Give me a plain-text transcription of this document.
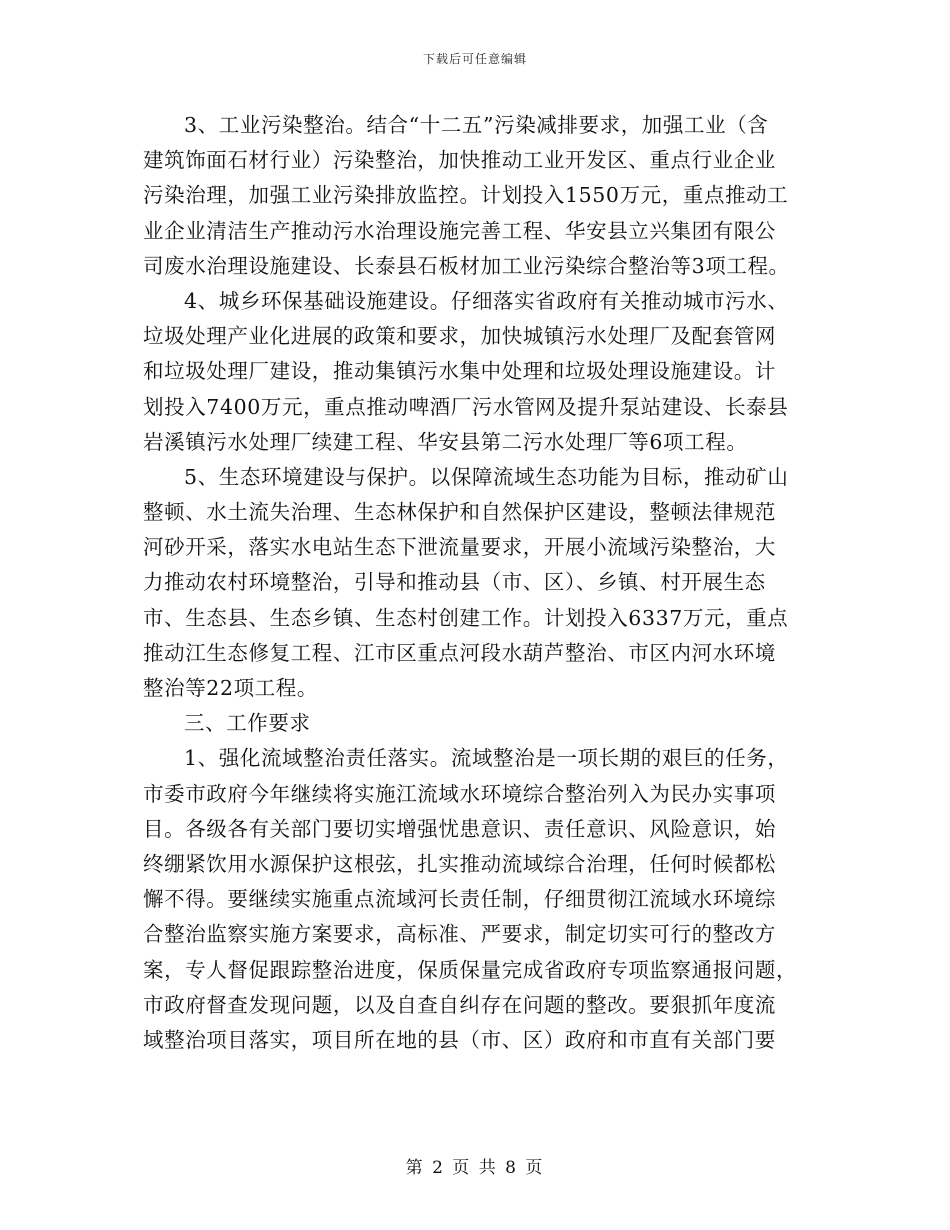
下载后可任意编辑
3、工业污染整治。结合“十二五”污染减排要求，加强工业（含
建筑饰面石材行业）污染整治，加快推动工业开发区、重点行业企业
污染治理，加强工业污染排放监控。计划投入1550万元，重点推动工
业企业清洁生产推动污水治理设施完善工程、华安县立兴集团有限公
司废水治理设施建设、长泰县石板材加工业污染综合整治等3项工程。
4、城乡环保基础设施建设。仔细落实省政府有关推动城市污水、
垃圾处理产业化进展的政策和要求，加快城镇污水处理厂及配套管网
和垃圾处理厂建设，推动集镇污水集中处理和垃圾处理设施建设。计
划投入7400万元，重点推动啤酒厂污水管网及提升泵站建设、长泰县
岩溪镇污水处理厂续建工程、华安县第二污水处理厂等6项工程。
5、生态环境建设与保护。以保障流域生态功能为目标，推动矿山
整顿、水土流失治理、生态林保护和自然保护区建设，整顿法律规范
河砂开采，落实水电站生态下泄流量要求，开展小流域污染整治，大
力推动农村环境整治，引导和推动县（市、区）、乡镇、村开展生态
市、生态县、生态乡镇、生态村创建工作。计划投入6337万元，重点
推动江生态修复工程、江市区重点河段水葫芦整治、市区内河水环境
整治等22项工程。
三、工作要求
1、强化流域整治责任落实。流域整治是一项长期的艰巨的任务，
市委市政府今年继续将实施江流域水环境综合整治列入为民办实事项
目。各级各有关部门要切实增强忧患意识、责任意识、风险意识，始
终绷紧饮用水源保护这根弦，扎实推动流域综合治理，任何时候都松
懈不得。要继续实施重点流域河长责任制，仔细贯彻江流域水环境综
合整治监察实施方案要求，高标准、严要求，制定切实可行的整改方
案，专人督促跟踪整治进度，保质保量完成省政府专项监察通报问题，
市政府督查发现问题，以及自查自纠存在问题的整改。要狠抓年度流
域整治项目落实，项目所在地的县（市、区）政府和市直有关部门要
第 2 页 共 8 页
